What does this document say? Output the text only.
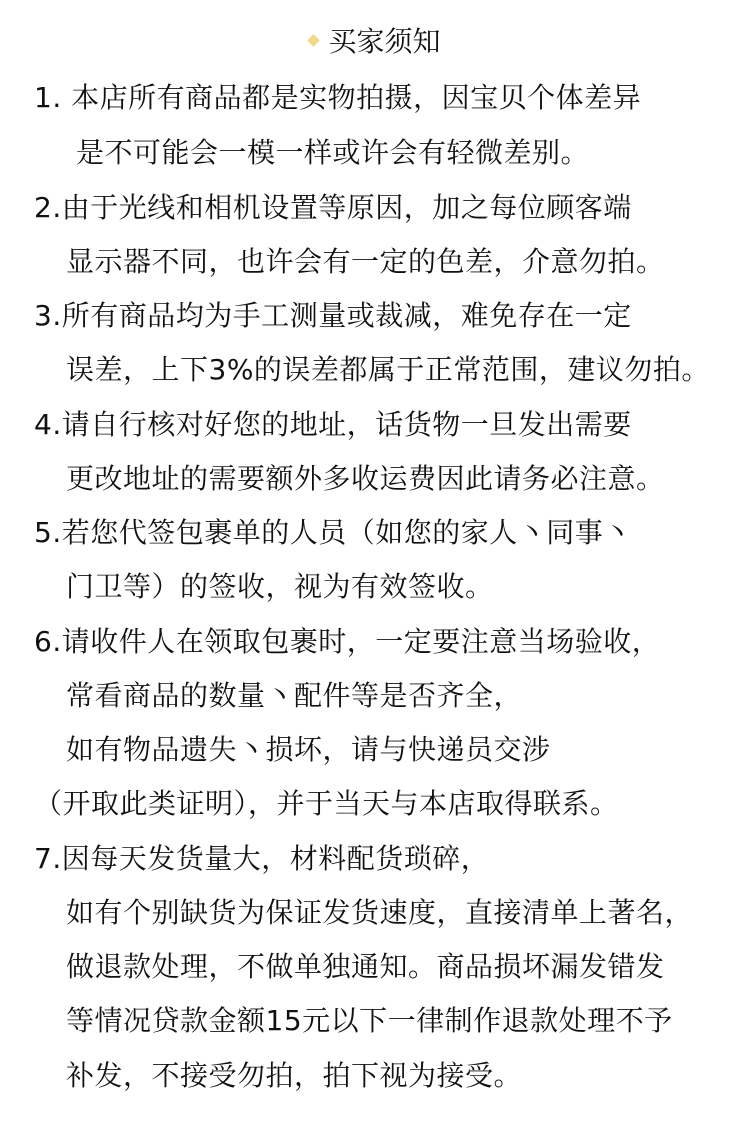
买家须知
1. 本店所有商品都是实物拍摄，因宝贝个体差异
是不可能会一模一样或许会有轻微差别。
2.由于光线和相机设置等原因，加之每位顾客端
显示器不同，也许会有一定的色差，介意勿拍。
3.所有商品均为手工测量或裁减，难免存在一定
误差，上下3%的误差都属于正常范围，建议勿拍。
4.请自行核对好您的地址，话货物一旦发出需要
更改地址的需要额外多收运费因此请务必注意。
5.若您代签包裹单的人员（如您的家人丶同事丶
门卫等）的签收，视为有效签收。
6.请收件人在领取包裹时，一定要注意当场验收，
常看商品的数量丶配件等是否齐全，
如有物品遗失丶损坏，请与快递员交涉
（开取此类证明），并于当天与本店取得联系。
7.因每天发货量大，材料配货琐碎，
如有个别缺货为保证发货速度，直接清单上著名，
做退款处理，不做单独通知。商品损坏漏发错发
等情况贷款金额15元以下一律制作退款处理不予
补发，不接受勿拍，拍下视为接受。
